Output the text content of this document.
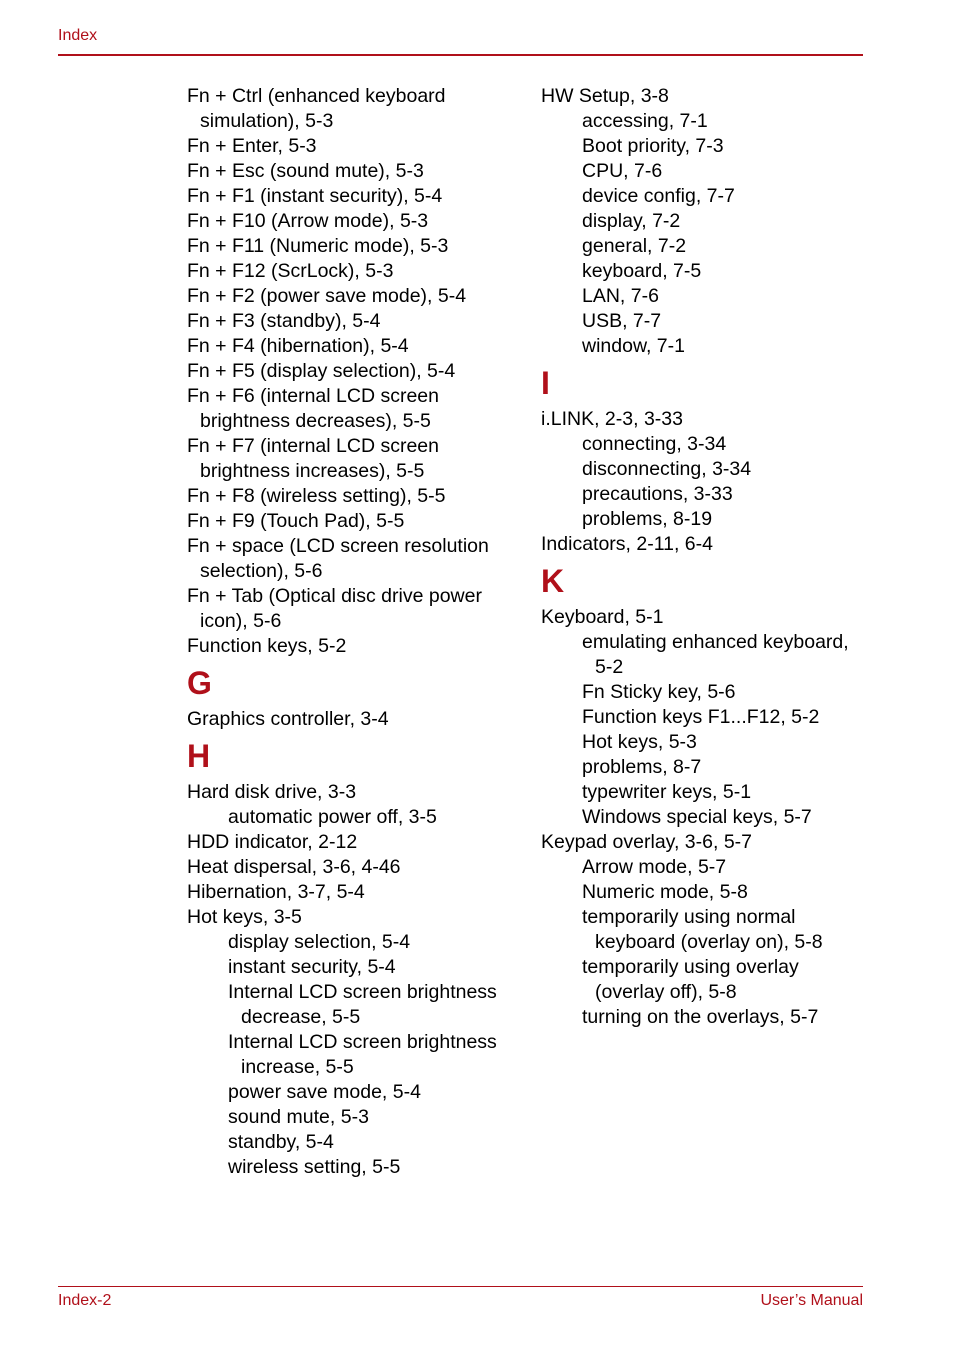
Index
Fn + Ctrl (enhanced keyboard
simulation), 5-3
Fn + Enter, 5-3
Fn + Esc (sound mute), 5-3
Fn + F1 (instant security), 5-4
Fn + F10 (Arrow mode), 5-3
Fn + F11 (Numeric mode), 5-3
Fn + F12 (ScrLock), 5-3
Fn + F2 (power save mode), 5-4
Fn + F3 (standby), 5-4
Fn + F4 (hibernation), 5-4
Fn + F5 (display selection), 5-4
Fn + F6 (internal LCD screen
brightness decreases), 5-5
Fn + F7 (internal LCD screen
brightness increases), 5-5
Fn + F8 (wireless setting), 5-5
Fn + F9 (Touch Pad), 5-5
Fn + space (LCD screen resolution
selection), 5-6
Fn + Tab (Optical disc drive power
icon), 5-6
Function keys, 5-2
G
Graphics controller, 3-4
H
Hard disk drive, 3-3
automatic power off, 3-5
HDD indicator, 2-12
Heat dispersal, 3-6, 4-46
Hibernation, 3-7, 5-4
Hot keys, 3-5
display selection, 5-4
instant security, 5-4
Internal LCD screen brightness
decrease, 5-5
Internal LCD screen brightness
increase, 5-5
power save mode, 5-4
sound mute, 5-3
standby, 5-4
wireless setting, 5-5
HW Setup, 3-8
accessing, 7-1
Boot priority, 7-3
CPU, 7-6
device config, 7-7
display, 7-2
general, 7-2
keyboard, 7-5
LAN, 7-6
USB, 7-7
window, 7-1
I
i.LINK, 2-3, 3-33
connecting, 3-34
disconnecting, 3-34
precautions, 3-33
problems, 8-19
Indicators, 2-11, 6-4
K
Keyboard, 5-1
emulating enhanced keyboard,
5-2
Fn Sticky key, 5-6
Function keys F1...F12, 5-2
Hot keys, 5-3
problems, 8-7
typewriter keys, 5-1
Windows special keys, 5-7
Keypad overlay, 3-6, 5-7
Arrow mode, 5-7
Numeric mode, 5-8
temporarily using normal
keyboard (overlay on), 5-8
temporarily using overlay
(overlay off), 5-8
turning on the overlays, 5-7
Index-2	User’s Manual
